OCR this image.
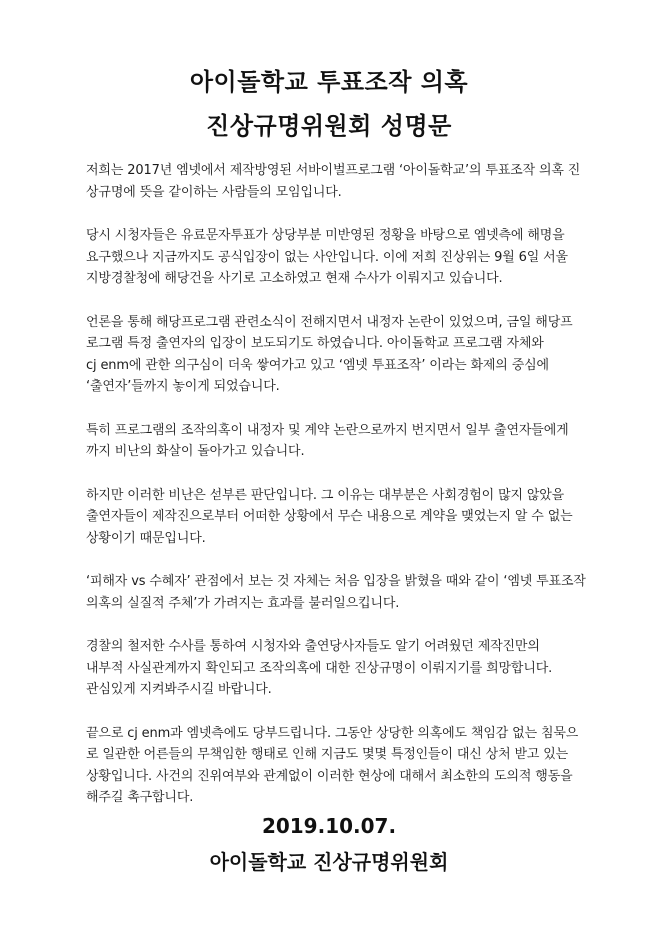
아이돌학교 투표조작 의혹
진상규명위원회 성명문
저희는 2017년 엠넷에서 제작방영된 서바이벌프로그램 ‘아이돌학교’의 투표조작 의혹 진
상규명에 뜻을 같이하는 사람들의 모임입니다.
당시 시청자들은 유료문자투표가 상당부분 미반영된 정황을 바탕으로 엠넷측에 해명을
요구했으나 지금까지도 공식입장이 없는 사안입니다. 이에 저희 진상위는 9월 6일 서울
지방경찰청에 해당건을 사기로 고소하였고 현재 수사가 이뤄지고 있습니다.
언론을 통해 해당프로그램 관련소식이 전해지면서 내정자 논란이 있었으며, 금일 해당프
로그램 특정 출연자의 입장이 보도되기도 하였습니다. 아이돌학교 프로그램 자체와
cj enm에 관한 의구심이 더욱 쌓여가고 있고 ‘엠넷 투표조작’ 이라는 화제의 중심에
‘출연자’들까지 놓이게 되었습니다.
특히 프로그램의 조작의혹이 내정자 및 계약 논란으로까지 번지면서 일부 출연자들에게
까지 비난의 화살이 돌아가고 있습니다.
하지만 이러한 비난은 섣부른 판단입니다. 그 이유는 대부분은 사회경험이 많지 않았을
출연자들이 제작진으로부터 어떠한 상황에서 무슨 내용으로 계약을 맺었는지 알 수 없는
상황이기 때문입니다.
‘피해자 vs 수혜자’ 관점에서 보는 것 자체는 처음 입장을 밝혔을 때와 같이 ‘엠넷 투표조작
의혹의 실질적 주체’가 가려지는 효과를 불러일으킵니다.
경찰의 철저한 수사를 통하여 시청자와 출연당사자들도 알기 어려웠던 제작진만의
내부적 사실관계까지 확인되고 조작의혹에 대한 진상규명이 이뤄지기를 희망합니다.
관심있게 지켜봐주시길 바랍니다.
끝으로 cj enm과 엠넷측에도 당부드립니다. 그동안 상당한 의혹에도 책임감 없는 침묵으
로 일관한 어른들의 무책임한 행태로 인해 지금도 몇몇 특정인들이 대신 상처 받고 있는
상황입니다. 사건의 진위여부와 관계없이 이러한 현상에 대해서 최소한의 도의적 행동을
해주길 촉구합니다.
2019.10.07.
아이돌학교 진상규명위원회
